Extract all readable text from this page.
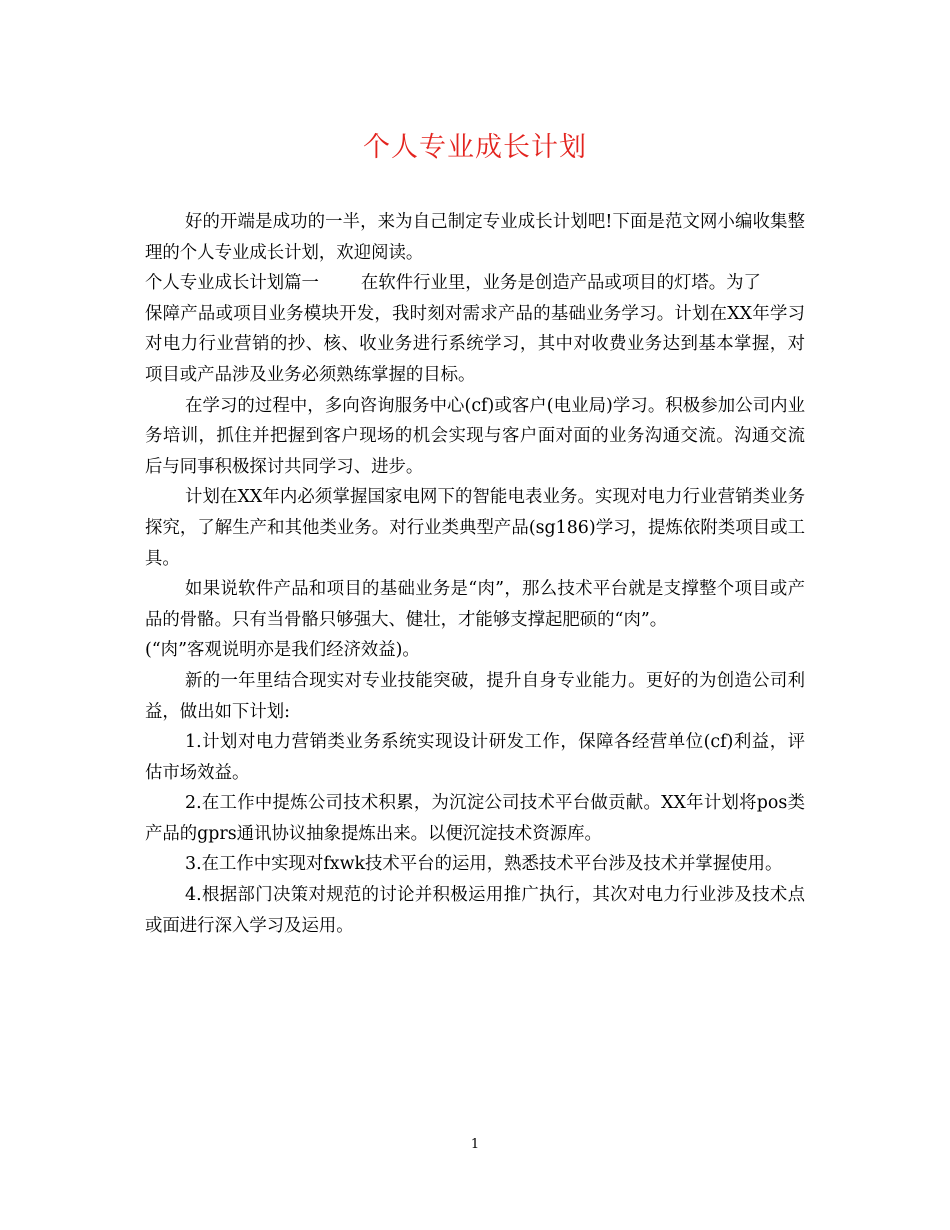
个人专业成长计划

好的开端是成功的一半，来为自己制定专业成长计划吧!下面是范文网小编收集整理的个人专业成长计划，欢迎阅读。

个人专业成长计划篇一 在软件行业里，业务是创造产品或项目的灯塔。为了

保障产品或项目业务模块开发，我时刻对需求产品的基础业务学习。计划在XX年学习对电力行业营销的抄、核、收业务进行系统学习，其中对收费业务达到基本掌握，对项目或产品涉及业务必须熟练掌握的目标。

在学习的过程中，多向咨询服务中心(cf)或客户(电业局)学习。积极参加公司内业务培训，抓住并把握到客户现场的机会实现与客户面对面的业务沟通交流。沟通交流后与同事积极探讨共同学习、进步。

计划在XX年内必须掌握国家电网下的智能电表业务。实现对电力行业营销类业务探究，了解生产和其他类业务。对行业类典型产品(sg186)学习，提炼依附类项目或工具。

如果说软件产品和项目的基础业务是“肉”，那么技术平台就是支撑整个项目或产品的骨骼。只有当骨骼只够强大、健壮，才能够支撑起肥硕的“肉”。

(“肉”客观说明亦是我们经济效益)。

新的一年里结合现实对专业技能突破，提升自身专业能力。更好的为创造公司利益，做出如下计划:

1.计划对电力营销类业务系统实现设计研发工作，保障各经营单位(cf)利益，评估市场效益。

2.在工作中提炼公司技术积累，为沉淀公司技术平台做贡献。XX年计划将pos类产品的gprs通讯协议抽象提炼出来。以便沉淀技术资源库。

3.在工作中实现对fxwk技术平台的运用，熟悉技术平台涉及技术并掌握使用。

4.根据部门决策对规范的讨论并积极运用推广执行，其次对电力行业涉及技术点或面进行深入学习及运用。

1
